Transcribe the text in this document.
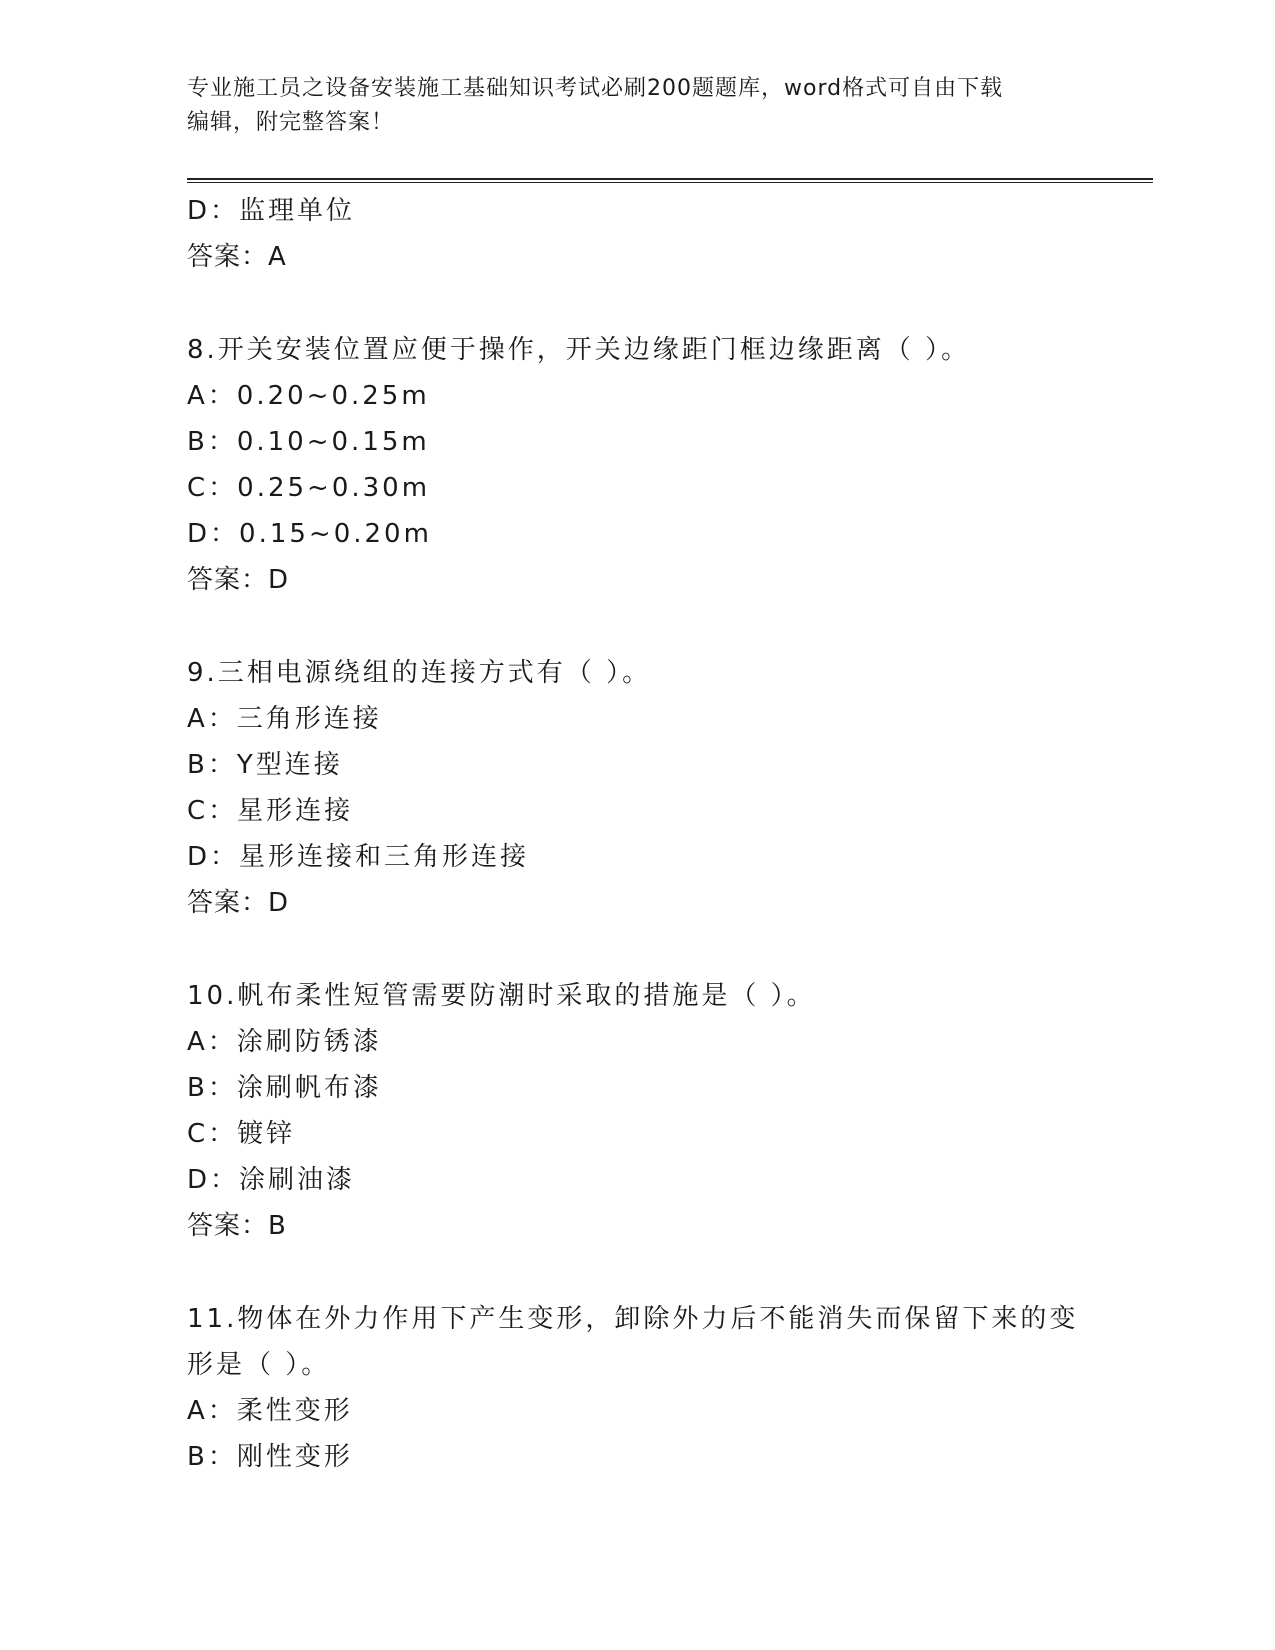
专业施工员之设备安装施工基础知识考试必刷200题题库，word格式可自由下载
编辑，附完整答案！
D：监理单位
答案：A
8.开关安装位置应便于操作，开关边缘距门框边缘距离（ ）。
A：0.20~0.25m
B：0.10~0.15m
C：0.25~0.30m
D：0.15~0.20m
答案：D
9.三相电源绕组的连接方式有（ ）。
A：三角形连接
B：Y型连接
C：星形连接
D：星形连接和三角形连接
答案：D
10.帆布柔性短管需要防潮时采取的措施是（ ）。
A：涂刷防锈漆
B：涂刷帆布漆
C：镀锌
D：涂刷油漆
答案：B
11.物体在外力作用下产生变形，卸除外力后不能消失而保留下来的变
形是（ ）。
A：柔性变形
B：刚性变形
